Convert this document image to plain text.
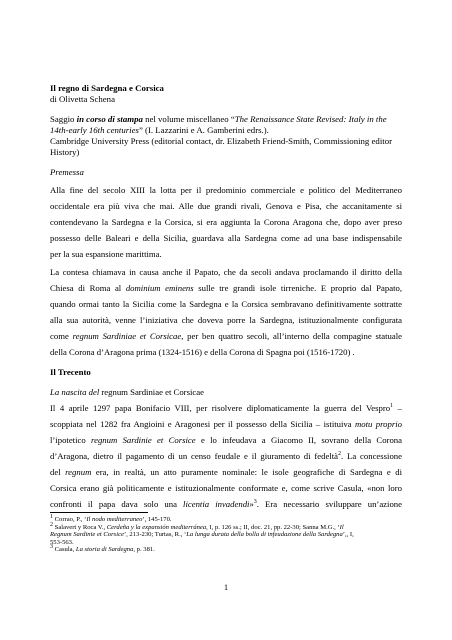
Il regno di Sardegna e Corsica
di Olivetta Schena
Saggio in corso di stampa nel volume miscellaneo “The Renaissance State Revised: Italy in the
14th-early 16th centuries” (I. Lazzarini e A. Gamberini edrs.).
Cambridge University Press (editorial contact, dr. Elizabeth Friend-Smith, Commissioning editor
History)
Premessa
Alla fine del secolo XIII la lotta per il predominio commerciale e politico del Mediterraneo
occidentale era più viva che mai. Alle due grandi rivali, Genova e Pisa, che accanitamente si
contendevano la Sardegna e la Corsica, si era aggiunta la Corona Aragona che, dopo aver preso
possesso delle Baleari e della Sicilia, guardava alla Sardegna come ad una base indispensabile
per la sua espansione marittima.
La contesa chiamava in causa anche il Papato, che da secoli andava proclamando il diritto della
Chiesa di Roma al dominium eminens sulle tre grandi isole tirreniche. E proprio dal Papato,
quando ormai tanto la Sicilia come la Sardegna e la Corsica sembravano definitivamente sottratte
alla sua autorità, venne l’iniziativa che doveva porre la Sardegna, istituzionalmente configurata
come regnum Sardiniae et Corsicae, per ben quattro secoli, all’interno della compagine statuale
della Corona d’Aragona prima (1324-1516) e della Corona di Spagna poi (1516-1720) .
Il Trecento
La nascita del regnum Sardiniae et Corsicae
Il 4 aprile 1297 papa Bonifacio VIII, per risolvere diplomaticamente la guerra del Vespro$^1$ –
scoppiata nel 1282 fra Angioini e Aragonesi per il possesso della Sicilia – istituiva motu proprio
l’ipotetico regnum Sardinie et Corsice e lo infeudava a Giacomo II, sovrano della Corona
d’Aragona, dietro il pagamento di un censo feudale e il giuramento di fedeltà$^2$. La concessione
del regnum era, in realtà, un atto puramente nominale: le isole geografiche di Sardegna e di
Corsica erano già politicamente e istituzionalmente conformate e, come scrive Casula, «non loro
confronti il papa dava solo una licentia invadendi»$^3$. Era necessario sviluppare un’azione
$^1$ Corrao, P., ‘Il nodo mediterraneo’, 145-170.
$^2$ Salavert y Roca V., Cerdeña y la expansión mediterránea, I, p. 126 ss.; II, doc. 21, pp. 22-30; Sanna M.G., ‘Il
Regnum Sardinie et Corsice’, 213-230; Turtas, R., ‘La lunga durata della bolla di infeudazione della Sardegna’,, I,
553-563.
$^3$ Casula, La storia di Sardegna, p. 381.
1
